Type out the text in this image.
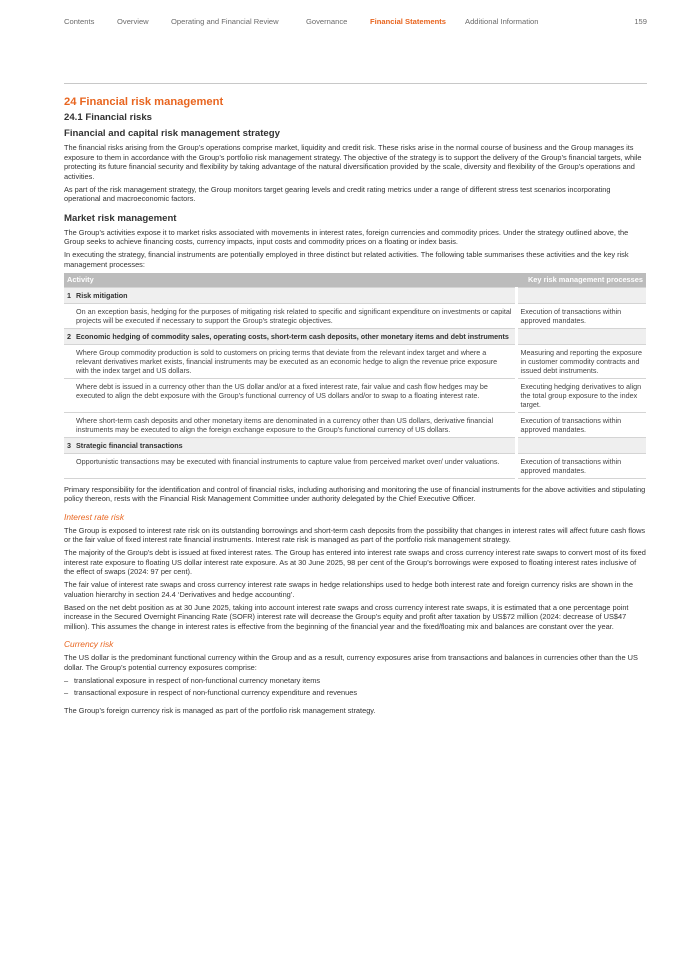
Contents	Overview	Operating and Financial Review	Governance	Financial Statements	Additional Information	159
24 Financial risk management
24.1 Financial risks
Financial and capital risk management strategy

The financial risks arising from the Group’s operations comprise market, liquidity and credit risk. These risks arise in the normal course of business and the Group manages its exposure to them in accordance with the Group’s portfolio risk management strategy. The objective of the strategy is to support the delivery of the Group’s financial targets, while protecting its future financial security and flexibility by taking advantage of the natural diversification provided by the scale, diversity and flexibility of the Group’s operations and activities.

As part of the risk management strategy, the Group monitors target gearing levels and credit rating metrics under a range of different stress test scenarios incorporating operational and macroeconomic factors.

Market risk management

The Group’s activities expose it to market risks associated with movements in interest rates, foreign currencies and commodity prices. Under the strategy outlined above, the Group seeks to achieve financing costs, currency impacts, input costs and commodity prices on a floating or index basis.

In executing the strategy, financial instruments are potentially employed in three distinct but related activities. The following table summarises these activities and the key risk management processes:

Activity	Key risk management processes
1 Risk mitigation	
On an exception basis, hedging for the purposes of mitigating risk related to specific and significant expenditure on investments or capital projects will be executed if necessary to support the Group’s strategic objectives.	Execution of transactions within approved mandates.
2 Economic hedging of commodity sales, operating costs, short-term cash deposits, other monetary items and debt instruments	
Where Group commodity production is sold to customers on pricing terms that deviate from the relevant index target and where a relevant derivatives market exists, financial instruments may be executed as an economic hedge to align the revenue price exposure with the index target and US dollars.	Measuring and reporting the exposure in customer commodity contracts and issued debt instruments.
Where debt is issued in a currency other than the US dollar and/or at a fixed interest rate, fair value and cash flow hedges may be executed to align the debt exposure with the Group’s functional currency of US dollars and/or to swap to a floating interest rate.	Executing hedging derivatives to align the total group exposure to the index target.
Where short-term cash deposits and other monetary items are denominated in a currency other than US dollars, derivative financial instruments may be executed to align the foreign exchange exposure to the Group’s functional currency of US dollars.	Execution of transactions within approved mandates.
3 Strategic financial transactions	
Opportunistic transactions may be executed with financial instruments to capture value from perceived market over/ under valuations.	Execution of transactions within approved mandates.

Primary responsibility for the identification and control of financial risks, including authorising and monitoring the use of financial instruments for the above activities and stipulating policy thereon, rests with the Financial Risk Management Committee under authority delegated by the Chief Executive Officer.

Interest rate risk

The Group is exposed to interest rate risk on its outstanding borrowings and short-term cash deposits from the possibility that changes in interest rates will affect future cash flows or the fair value of fixed interest rate financial instruments. Interest rate risk is managed as part of the portfolio risk management strategy.

The majority of the Group’s debt is issued at fixed interest rates. The Group has entered into interest rate swaps and cross currency interest rate swaps to convert most of its fixed interest rate exposure to floating US dollar interest rate exposure. As at 30 June 2025, 98 per cent of the Group’s borrowings were exposed to floating interest rates inclusive of the effect of swaps (2024: 97 per cent).

The fair value of interest rate swaps and cross currency interest rate swaps in hedge relationships used to hedge both interest rate and foreign currency risks are shown in the valuation hierarchy in section 24.4 ‘Derivatives and hedge accounting’.

Based on the net debt position as at 30 June 2025, taking into account interest rate swaps and cross currency interest rate swaps, it is estimated that a one percentage point increase in the Secured Overnight Financing Rate (SOFR) interest rate will decrease the Group’s equity and profit after taxation by US$72 million (2024: decrease of US$47 million). This assumes the change in interest rates is effective from the beginning of the financial year and the fixed/floating mix and balances are constant over the year.

Currency risk

The US dollar is the predominant functional currency within the Group and as a result, currency exposures arise from transactions and balances in currencies other than the US dollar. The Group’s potential currency exposures comprise:

– translational exposure in respect of non-functional currency monetary items
– transactional exposure in respect of non-functional currency expenditure and revenues

The Group’s foreign currency risk is managed as part of the portfolio risk management strategy.
